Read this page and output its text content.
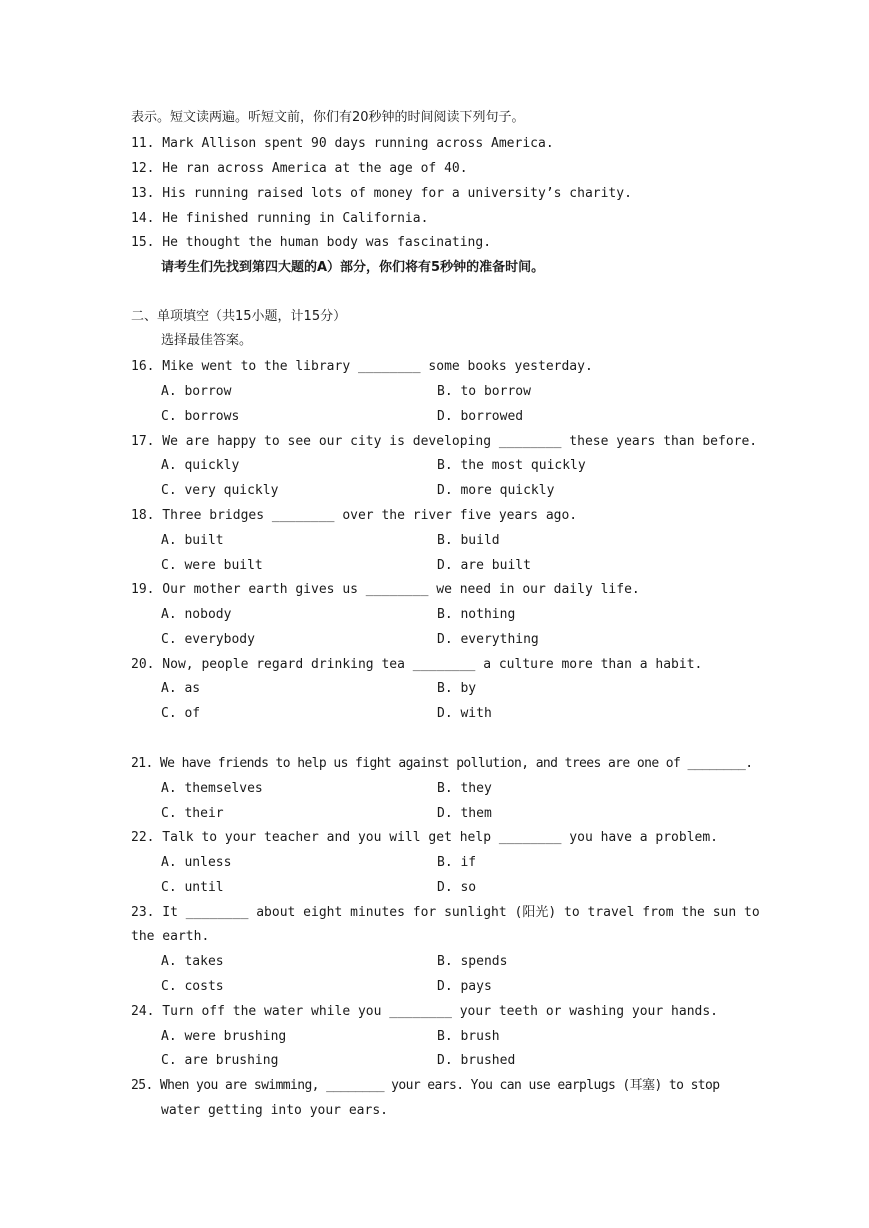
表示。短文读两遍。听短文前，你们有20秒钟的时间阅读下列句子。
11. Mark Allison spent 90 days running across America.
12. He ran across America at the age of 40.
13. His running raised lots of money for a university’s charity.
14. He finished running in California.
15. He thought the human body was fascinating.
请考生们先找到第四大题的A）部分，你们将有5秒钟的准备时间。
二、单项填空（共15小题，计15分）
选择最佳答案。
16. Mike went to the library ________ some books yesterday.
A. borrow	B. to borrow
C. borrows	D. borrowed
17. We are happy to see our city is developing ________ these years than before.
A. quickly	B. the most quickly
C. very quickly	D. more quickly
18. Three bridges ________ over the river five years ago.
A. built	B. build
C. were built	D. are built
19. Our mother earth gives us ________ we need in our daily life.
A. nobody	B. nothing
C. everybody	D. everything
20. Now, people regard drinking tea ________ a culture more than a habit.
A. as	B. by
C. of	D. with
21. We have friends to help us fight against pollution, and trees are one of ________.
A. themselves	B. they
C. their	D. them
22. Talk to your teacher and you will get help ________ you have a problem.
A. unless	B. if
C. until	D. so
23. It ________ about eight minutes for sunlight (阳光) to travel from the sun to
the earth.
A. takes	B. spends
C. costs	D. pays
24. Turn off the water while you ________ your teeth or washing your hands.
A. were brushing	B. brush
C. are brushing	D. brushed
25. When you are swimming, ________ your ears. You can use earplugs (耳塞) to stop
water getting into your ears.
